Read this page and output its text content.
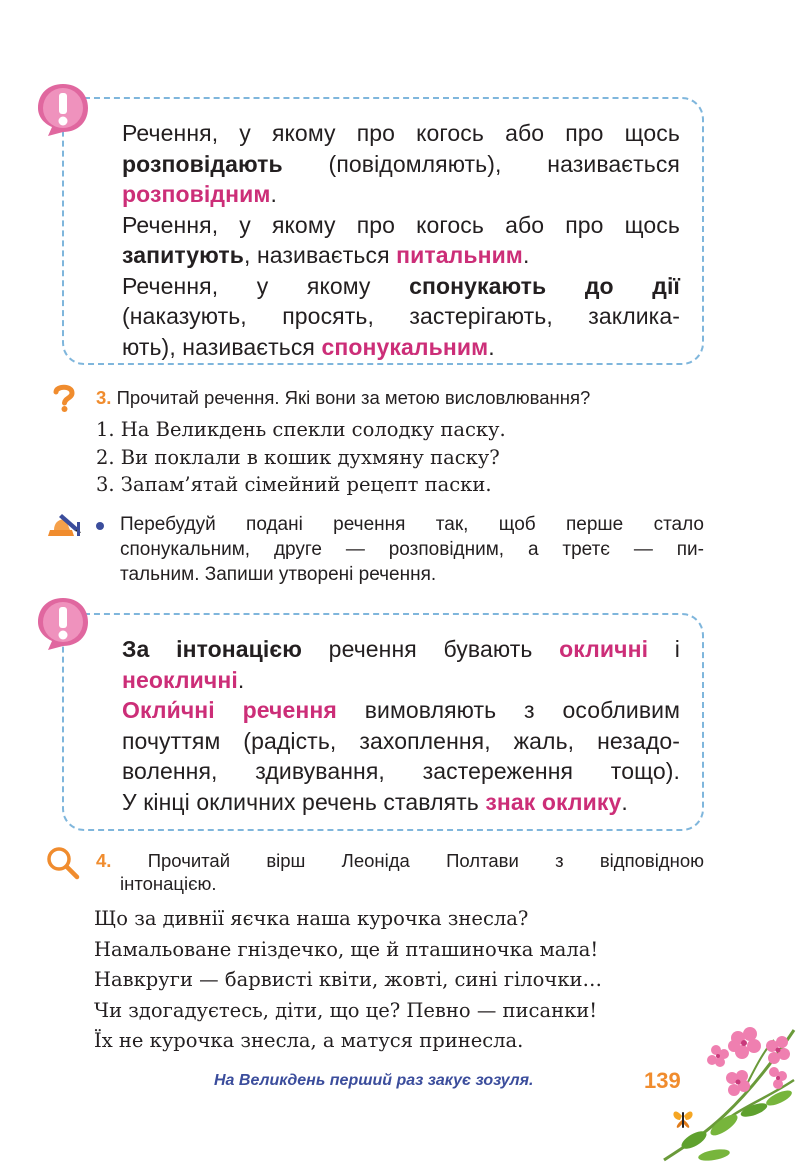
Речення, у якому про когось або про щось
розповідають (повідомляють), називається
розповідним.
Речення, у якому про когось або про щось
запитують, називається питальним.
Речення, у якому спонукають до дії
(наказують, просять, застерігають, заклика-
ють), називається спонукальним.
3. Прочитай речення. Які вони за метою висловлювання?
1. На Великдень спекли солодку паску.
2. Ви поклали в кошик духмяну паску?
3. Запам’ятай сімейний рецепт паски.
Перебудуй подані речення так, щоб перше стало
спонукальним, друге — розповідним, а третє — пи-
тальним. Запиши утворені речення.
За інтонацією речення бувають окличні і
неокличні.
Окли́чні речення вимовляють з особливим
почуттям (радість, захоплення, жаль, незадо-
волення, здивування, застереження тощо).
У кінці окличних речень ставлять знак оклику.
4. Прочитай вірш Леоніда Полтави з відповідною
інтонацією.
Що за дивнії яєчка наша курочка знесла?
Намальоване гніздечко, ще й пташиночка мала!
Навкруги — барвисті квіти, жовті, сині гілочки…
Чи здогадуєтесь, діти, що це? Певно — писанки!
Їх не курочка знесла, а матуся принесла.
На Великдень перший раз закує зозуля.	139
